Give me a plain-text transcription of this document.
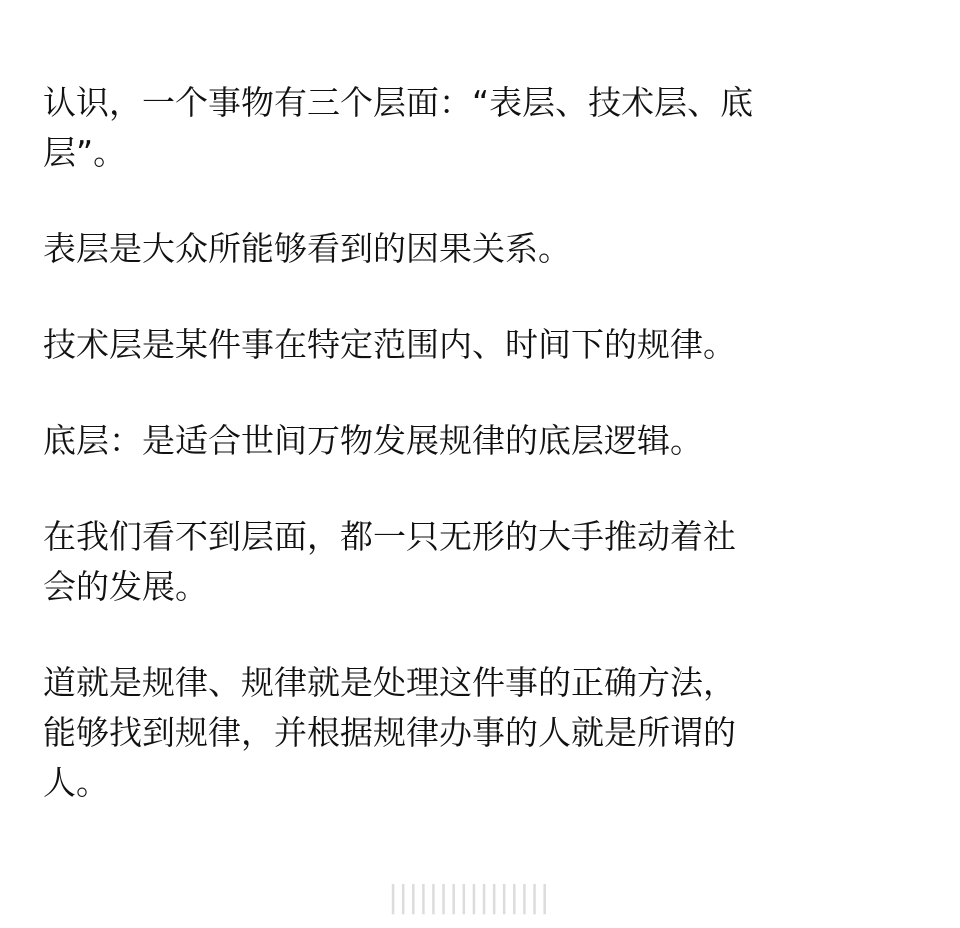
认识，一个事物有三个层面：“表层、技术层、底
层”。

表层是大众所能够看到的因果关系。

技术层是某件事在特定范围内、时间下的规律。

底层：是适合世间万物发展规律的底层逻辑。

在我们看不到层面，都一只无形的大手推动着社
会的发展。

道就是规律、规律就是处理这件事的正确方法，
能够找到规律，并根据规律办事的人就是所谓的
人。

||||||||||||||||
